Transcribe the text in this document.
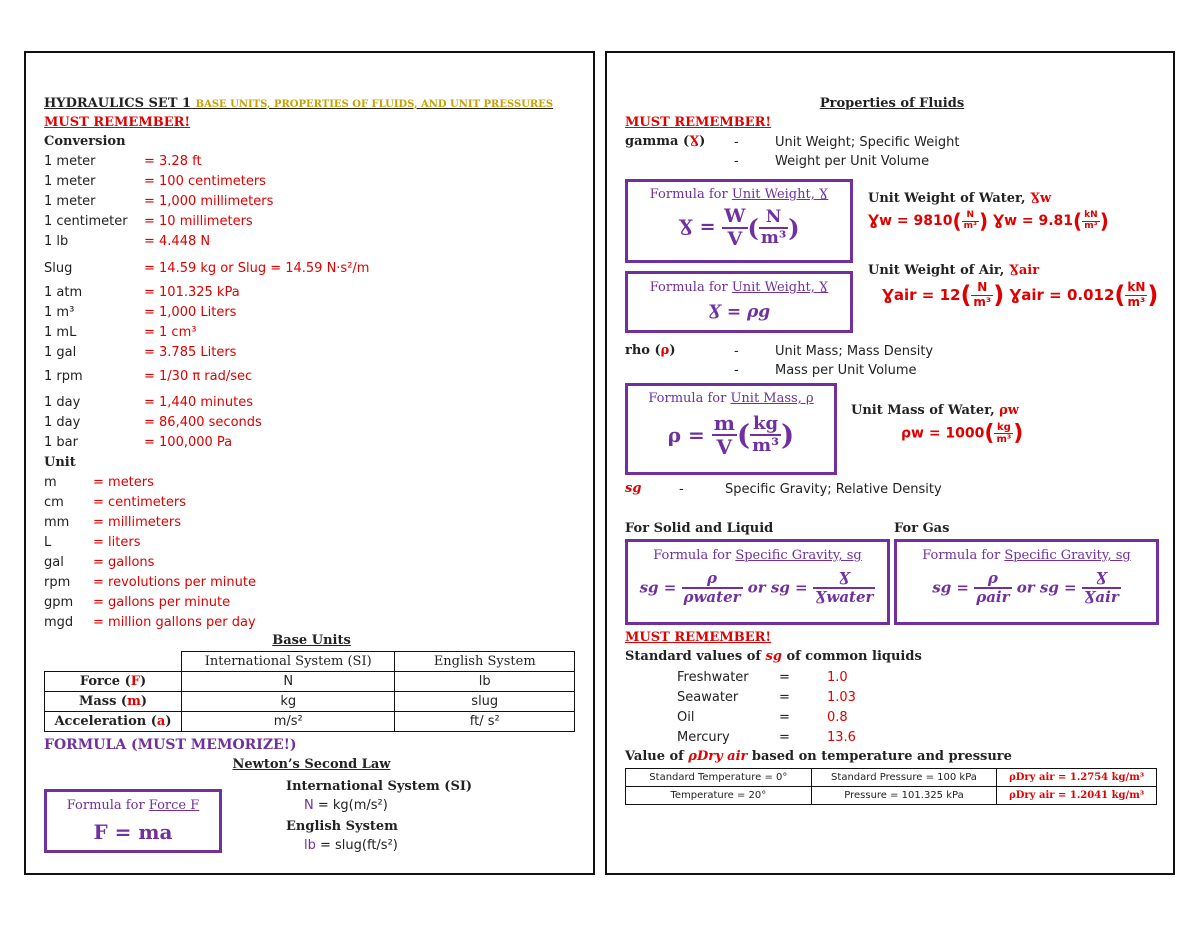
HYDRAULICS SET 1 BASE UNITS, PROPERTIES OF FLUIDS, AND UNIT PRESSURES
MUST REMEMBER!
Conversion
1 meter	= 3.28 ft
1 meter	= 100 centimeters
1 meter	= 1,000 millimeters
1 centimeter = 10 millimeters
1 lb	= 4.448 N
Slug	= 14.59 kg or Slug = 14.59 N·s²/m
1 atm	= 101.325 kPa
1 m³	= 1,000 Liters
1 mL	= 1 cm³
1 gal	= 3.785 Liters
1 rpm	= 1/30 π rad/sec
1 day	= 1,440 minutes
1 day	= 86,400 seconds
1 bar	= 100,000 Pa
Unit
m	= meters
cm = centimeters
mm = millimeters
L	= liters
gal = gallons
rpm = revolutions per minute
gpm = gallons per minute
mgd = million gallons per day
Base Units
	International System (SI)	English System
Force (F)	N	lb
Mass (m)	kg	slug
Acceleration (a)	m/s²	ft/ s²
FORMULA (MUST MEMORIZE!)
Newton’s Second Law
Formula for Force F
F = ma
International System (SI)
N = kg(m/s²)
English System
lb = slug(ft/s²)
Properties of Fluids
MUST REMEMBER!
gamma (Ɣ) -	Unit Weight; Specific Weight
-	Weight per Unit Volume
Formula for Unit Weight, Ɣ
Ɣ = $\frac{W}{V}$ ( $\frac{N}{\text{m³}}$ )
Formula for Unit Weight, Ɣ
Ɣ = ρg
Unit Weight of Water, Ɣw
Ɣw = $9810( \frac{N}{\text{m³}}$ ) Ɣw = $9.81( \frac{kN}{\text{m³}}$ )
Unit Weight of Air, Ɣair
Ɣair = $12( \frac{N}{\text{m³}}$ ) Ɣair = $0.012( \frac{kN}{\text{m³}}$ )
rho (ρ)	-	Unit Mass; Mass Density
-	Mass per Unit Volume
Formula for Unit Mass, ρ
$\rho = \frac{m}{V}$ ( $\frac{kg}{\text{m³}}$ )
Unit Mass of Water, ρw
$\rho w = 1000( \frac{kg}{\text{m³}}$ )
sg	-	Specific Gravity; Relative Density
For Solid and Liquid	For Gas
Formula for Specific Gravity, sg
sg = $\frac{\rho}{\text{ρwater}}$ or sg = $\frac{Ɣ}{\text{Ɣwater}}$
Formula for Specific Gravity, sg
sg = $\frac{\rho}{\text{ρair}}$ or sg = $\frac{Ɣ}{\text{Ɣair}}$
MUST REMEMBER!
Standard values of sg of common liquids
Freshwater =	1.0
Seawater	=	1.03
Oil	=	0.8
Mercury	=	13.6
Value of ρDry air based on temperature and pressure
Standard Temperature = 0°	Standard Pressure = 100 kPa	ρDry air = 1.2754 kg/m³
Temperature = 20°	Pressure = 101.325 kPa	ρDry air = 1.2041 kg/m³
